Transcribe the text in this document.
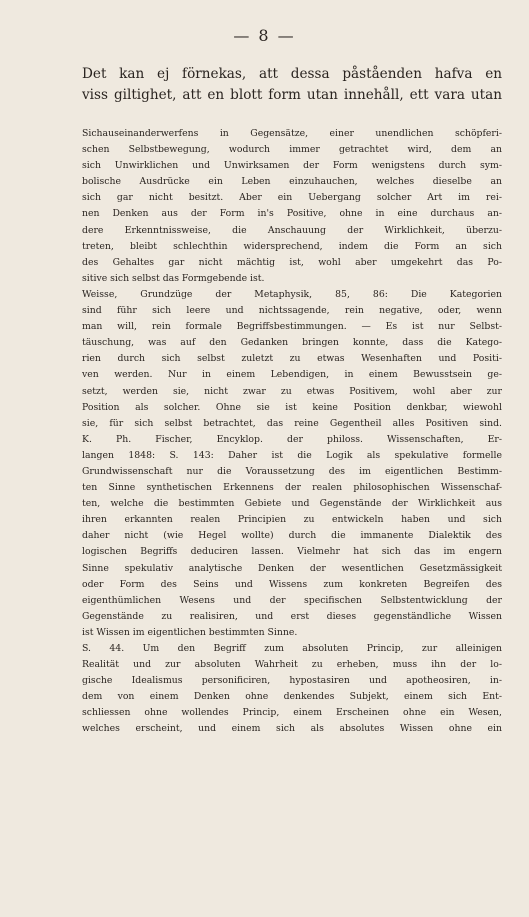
— 8 —
Det kan ej förnekas, att dessa påståenden hafva en
viss giltighet, att en blott form utan innehåll, ett vara utan
Sichauseinanderwerfens in Gegensätze, einer unendlichen schöpferi-
schen Selbstbewegung, wodurch immer getrachtet wird, dem an
sich Unwirklichen und Unwirksamen der Form wenigstens durch sym-
bolische Ausdrücke ein Leben einzuhauchen, welches dieselbe an
sich gar nicht besitzt. Aber ein Uebergang solcher Art im rei-
nen Denken aus der Form in's Positive, ohne in eine durchaus an-
dere Erkenntnissweise, die Anschauung der Wirklichkeit, überzu-
treten, bleibt schlechthin widersprechend, indem die Form an sich
des Gehaltes gar nicht mächtig ist, wohl aber umgekehrt das Po-
sitive sich selbst das Formgebende ist.
Weisse, Grundzüge der Metaphysik, 85, 86: Die Kategorien
sind führ sich leere und nichtssagende, rein negative, oder, wenn
man will, rein formale Begriffsbestimmungen. — Es ist nur Selbst-
täuschung, was auf den Gedanken bringen konnte, dass die Katego-
rien durch sich selbst zuletzt zu etwas Wesenhaften und Positi-
ven werden. Nur in einem Lebendigen, in einem Bewusstsein ge-
setzt, werden sie, nicht zwar zu etwas Positivem, wohl aber zur
Position als solcher. Ohne sie ist keine Position denkbar, wiewohl
sie, für sich selbst betrachtet, das reine Gegentheil alles Positiven sind.
K. Ph. Fischer, Encyklop. der philoss. Wissenschaften, Er-
langen 1848: S. 143: Daher ist die Logik als spekulative formelle
Grundwissenschaft nur die Voraussetzung des im eigentlichen Bestimm-
ten Sinne synthetischen Erkennens der realen philosophischen Wissenschaf-
ten, welche die bestimmten Gebiete und Gegenstände der Wirklichkeit aus
ihren erkannten realen Principien zu entwickeln haben und sich
daher nicht (wie Hegel wollte) durch die immanente Dialektik des
logischen Begriffs deduciren lassen. Vielmehr hat sich das im engern
Sinne spekulativ analytische Denken der wesentlichen Gesetzmässigkeit
oder Form des Seins und Wissens zum konkreten Begreifen des
eigenthümlichen Wesens und der specifischen Selbstentwicklung der
Gegenstände zu realisiren, und erst dieses gegenständliche Wissen
ist Wissen im eigentlichen bestimmten Sinne.
S. 44. Um den Begriff zum absoluten Princip, zur alleinigen
Realität und zur absoluten Wahrheit zu erheben, muss ihn der lo-
gische Idealismus personificiren, hypostasiren und apotheosiren, in-
dem von einem Denken ohne denkendes Subjekt, einem sich Ent-
schliessen ohne wollendes Princip, einem Erscheinen ohne ein Wesen,
welches erscheint, und einem sich als absolutes Wissen ohne ein
